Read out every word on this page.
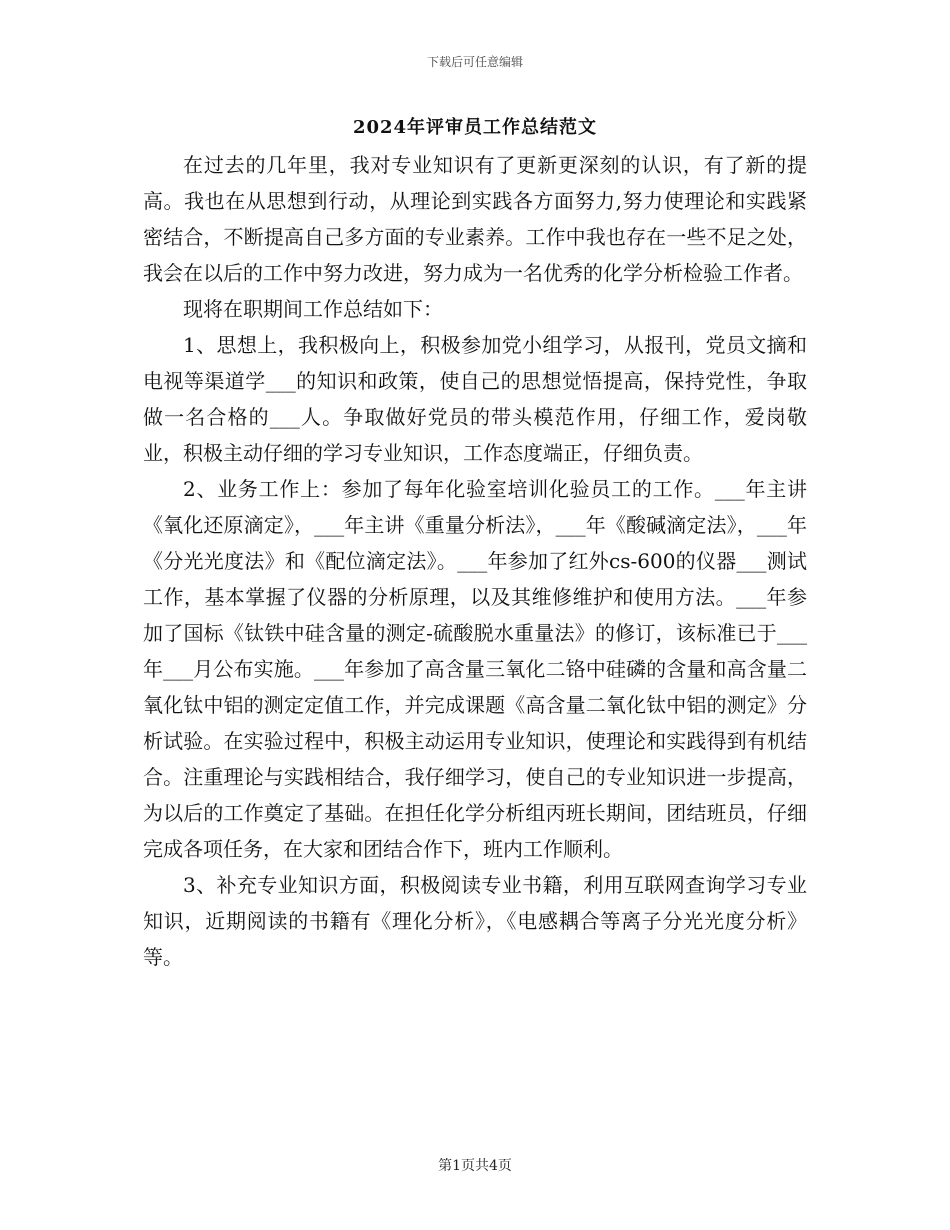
下载后可任意编辑
2024年评审员工作总结范文

在过去的几年里，我对专业知识有了更新更深刻的认识，有了新的提高。我也在从思想到行动，从理论到实践各方面努力,努力使理论和实践紧密结合，不断提高自己多方面的专业素养。工作中我也存在一些不足之处，我会在以后的工作中努力改进，努力成为一名优秀的化学分析检验工作者。

现将在职期间工作总结如下：

1、思想上，我积极向上，积极参加党小组学习，从报刊，党员文摘和电视等渠道学___的知识和政策，使自己的思想觉悟提高，保持党性，争取做一名合格的___人。争取做好党员的带头模范作用，仔细工作，爱岗敬业，积极主动仔细的学习专业知识，工作态度端正，仔细负责。

2、业务工作上：参加了每年化验室培训化验员工的工作。___年主讲《氧化还原滴定》，___年主讲《重量分析法》，___年《酸碱滴定法》，___年《分光光度法》和《配位滴定法》。___年参加了红外cs-600的仪器___测试工作，基本掌握了仪器的分析原理，以及其维修维护和使用方法。___年参加了国标《钛铁中硅含量的测定-硫酸脱水重量法》的修订，该标准已于___年___月公布实施。___年参加了高含量三氧化二铬中硅磷的含量和高含量二氧化钛中铝的测定定值工作，并完成课题《高含量二氧化钛中铝的测定》分析试验。在实验过程中，积极主动运用专业知识，使理论和实践得到有机结合。注重理论与实践相结合，我仔细学习，使自己的专业知识进一步提高，为以后的工作奠定了基础。在担任化学分析组丙班长期间，团结班员，仔细完成各项任务，在大家和团结合作下，班内工作顺利。

3、补充专业知识方面，积极阅读专业书籍，利用互联网查询学习专业知识，近期阅读的书籍有《理化分析》，《电感耦合等离子分光光度分析》等。

第1页共4页
